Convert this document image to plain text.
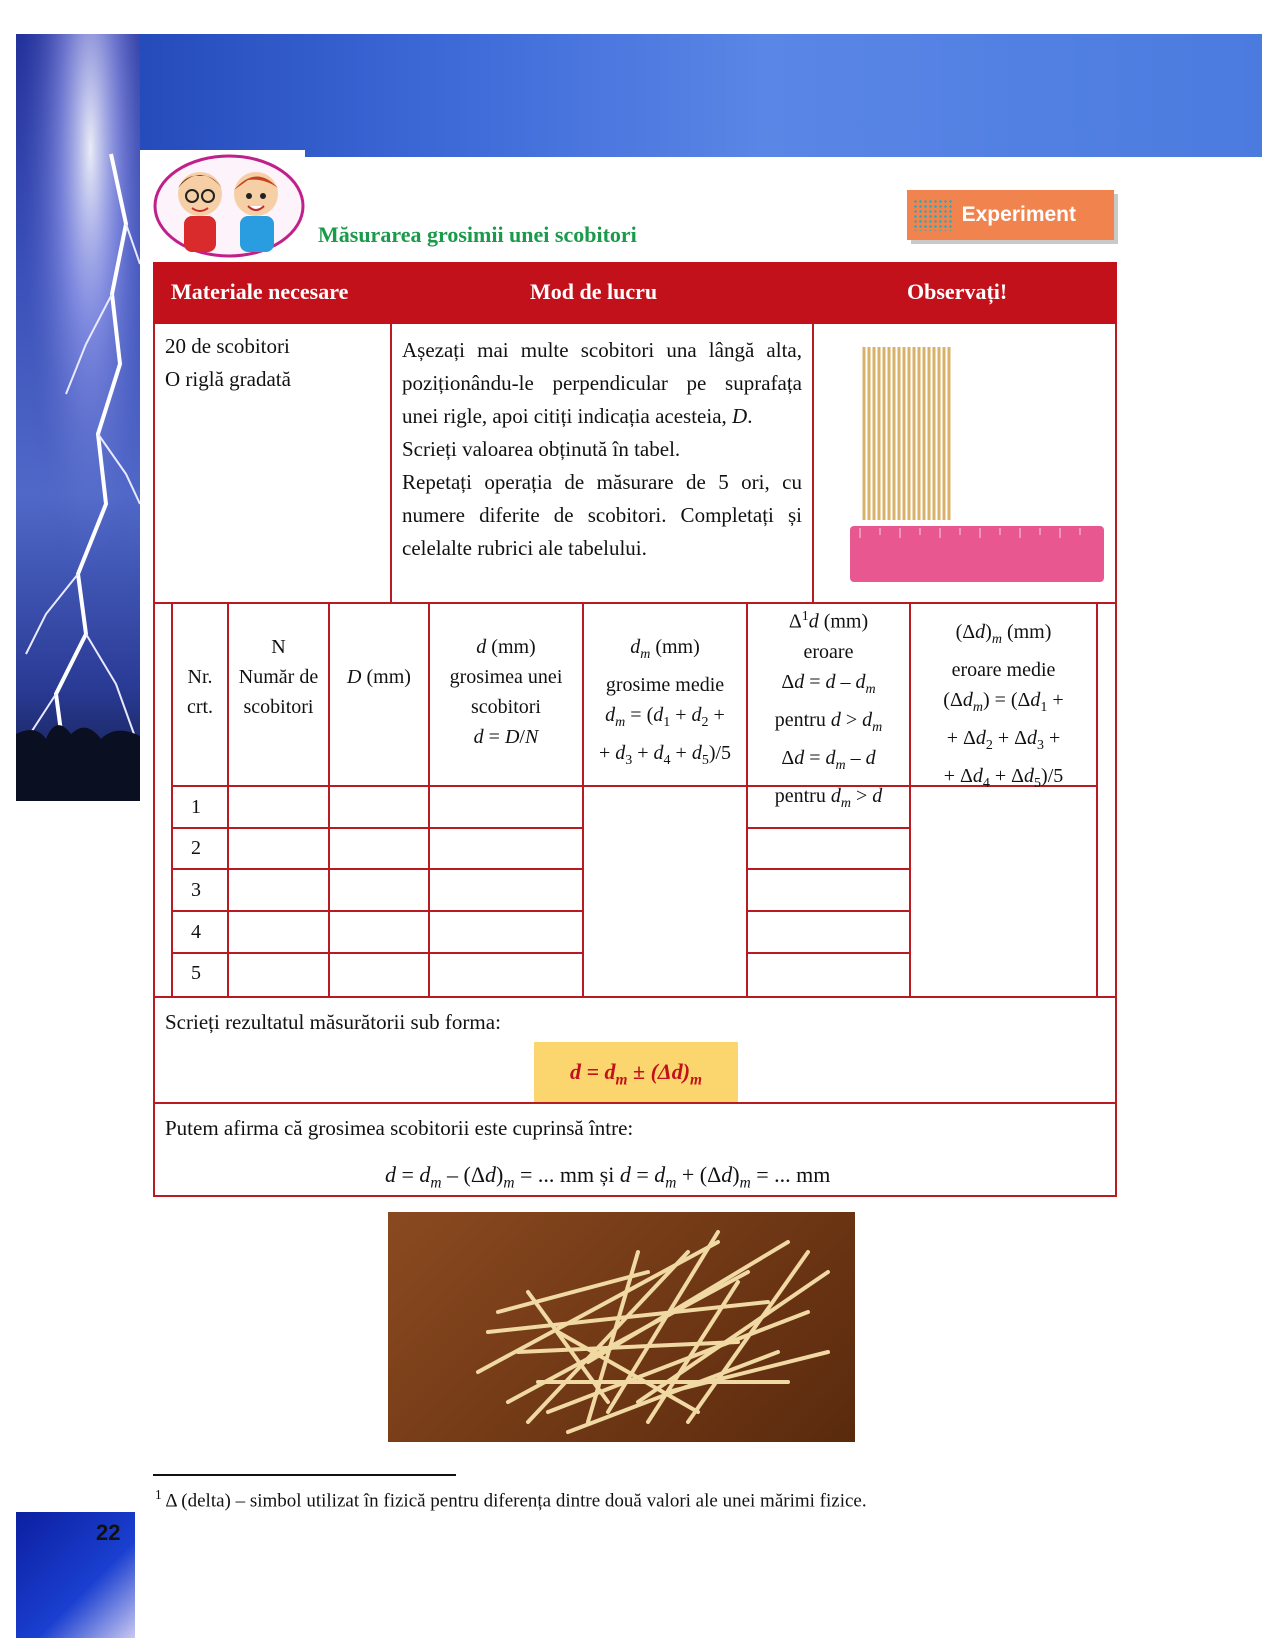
Măsurarea grosimii unei scobitori
Experiment
Materiale necesare	Mod de lucru	Observați!
20 de scobitori
O riglă gradată
Așezați mai multe scobitori una lângă alta, poziționându-le perpendicular pe suprafața unei rigle, apoi citiți indicația acesteia, D.
Scrieți valoarea obținută în tabel.
Repetați operația de măsurare de 5 ori, cu numere diferite de scobitori. Completați și celelalte rubrici ale tabelului.
Nr. crt.
N
Număr de scobitori
D (mm)
d (mm)
grosimea unei scobitori
d = D/N
$d_m$ (mm)
grosime medie
$d_m = (d_1 + d_2$ +
+ $d_3 + d_4 + d_5)/5$
$\Delta^1d$ (mm)
eroare
$\Delta d = d - d_m$
pentru $d > d_m$
$\Delta d = d_m - d$
pentru $d_m > d$
$(\Delta d)_m$ (mm)
eroare medie
$(\Delta d_m) = (\Delta d_1$ +
+ $\Delta d_2 + \Delta d_3$ +
+ $\Delta d_4 + \Delta d_5)/5$
1
2
3
4
5
Scrieți rezultatul măsurătorii sub forma:
$d = d_m \pm (\Delta d)_m$
Putem afirma că grosimea scobitorii este cuprinsă între:
$d = d_m - (\Delta d)_m$ = ... mm și $d = d_m + (\Delta d)_m$ = ... mm
$^1$ Δ (delta) – simbol utilizat în fizică pentru diferența dintre două valori ale unei mărimi fizice.
22
